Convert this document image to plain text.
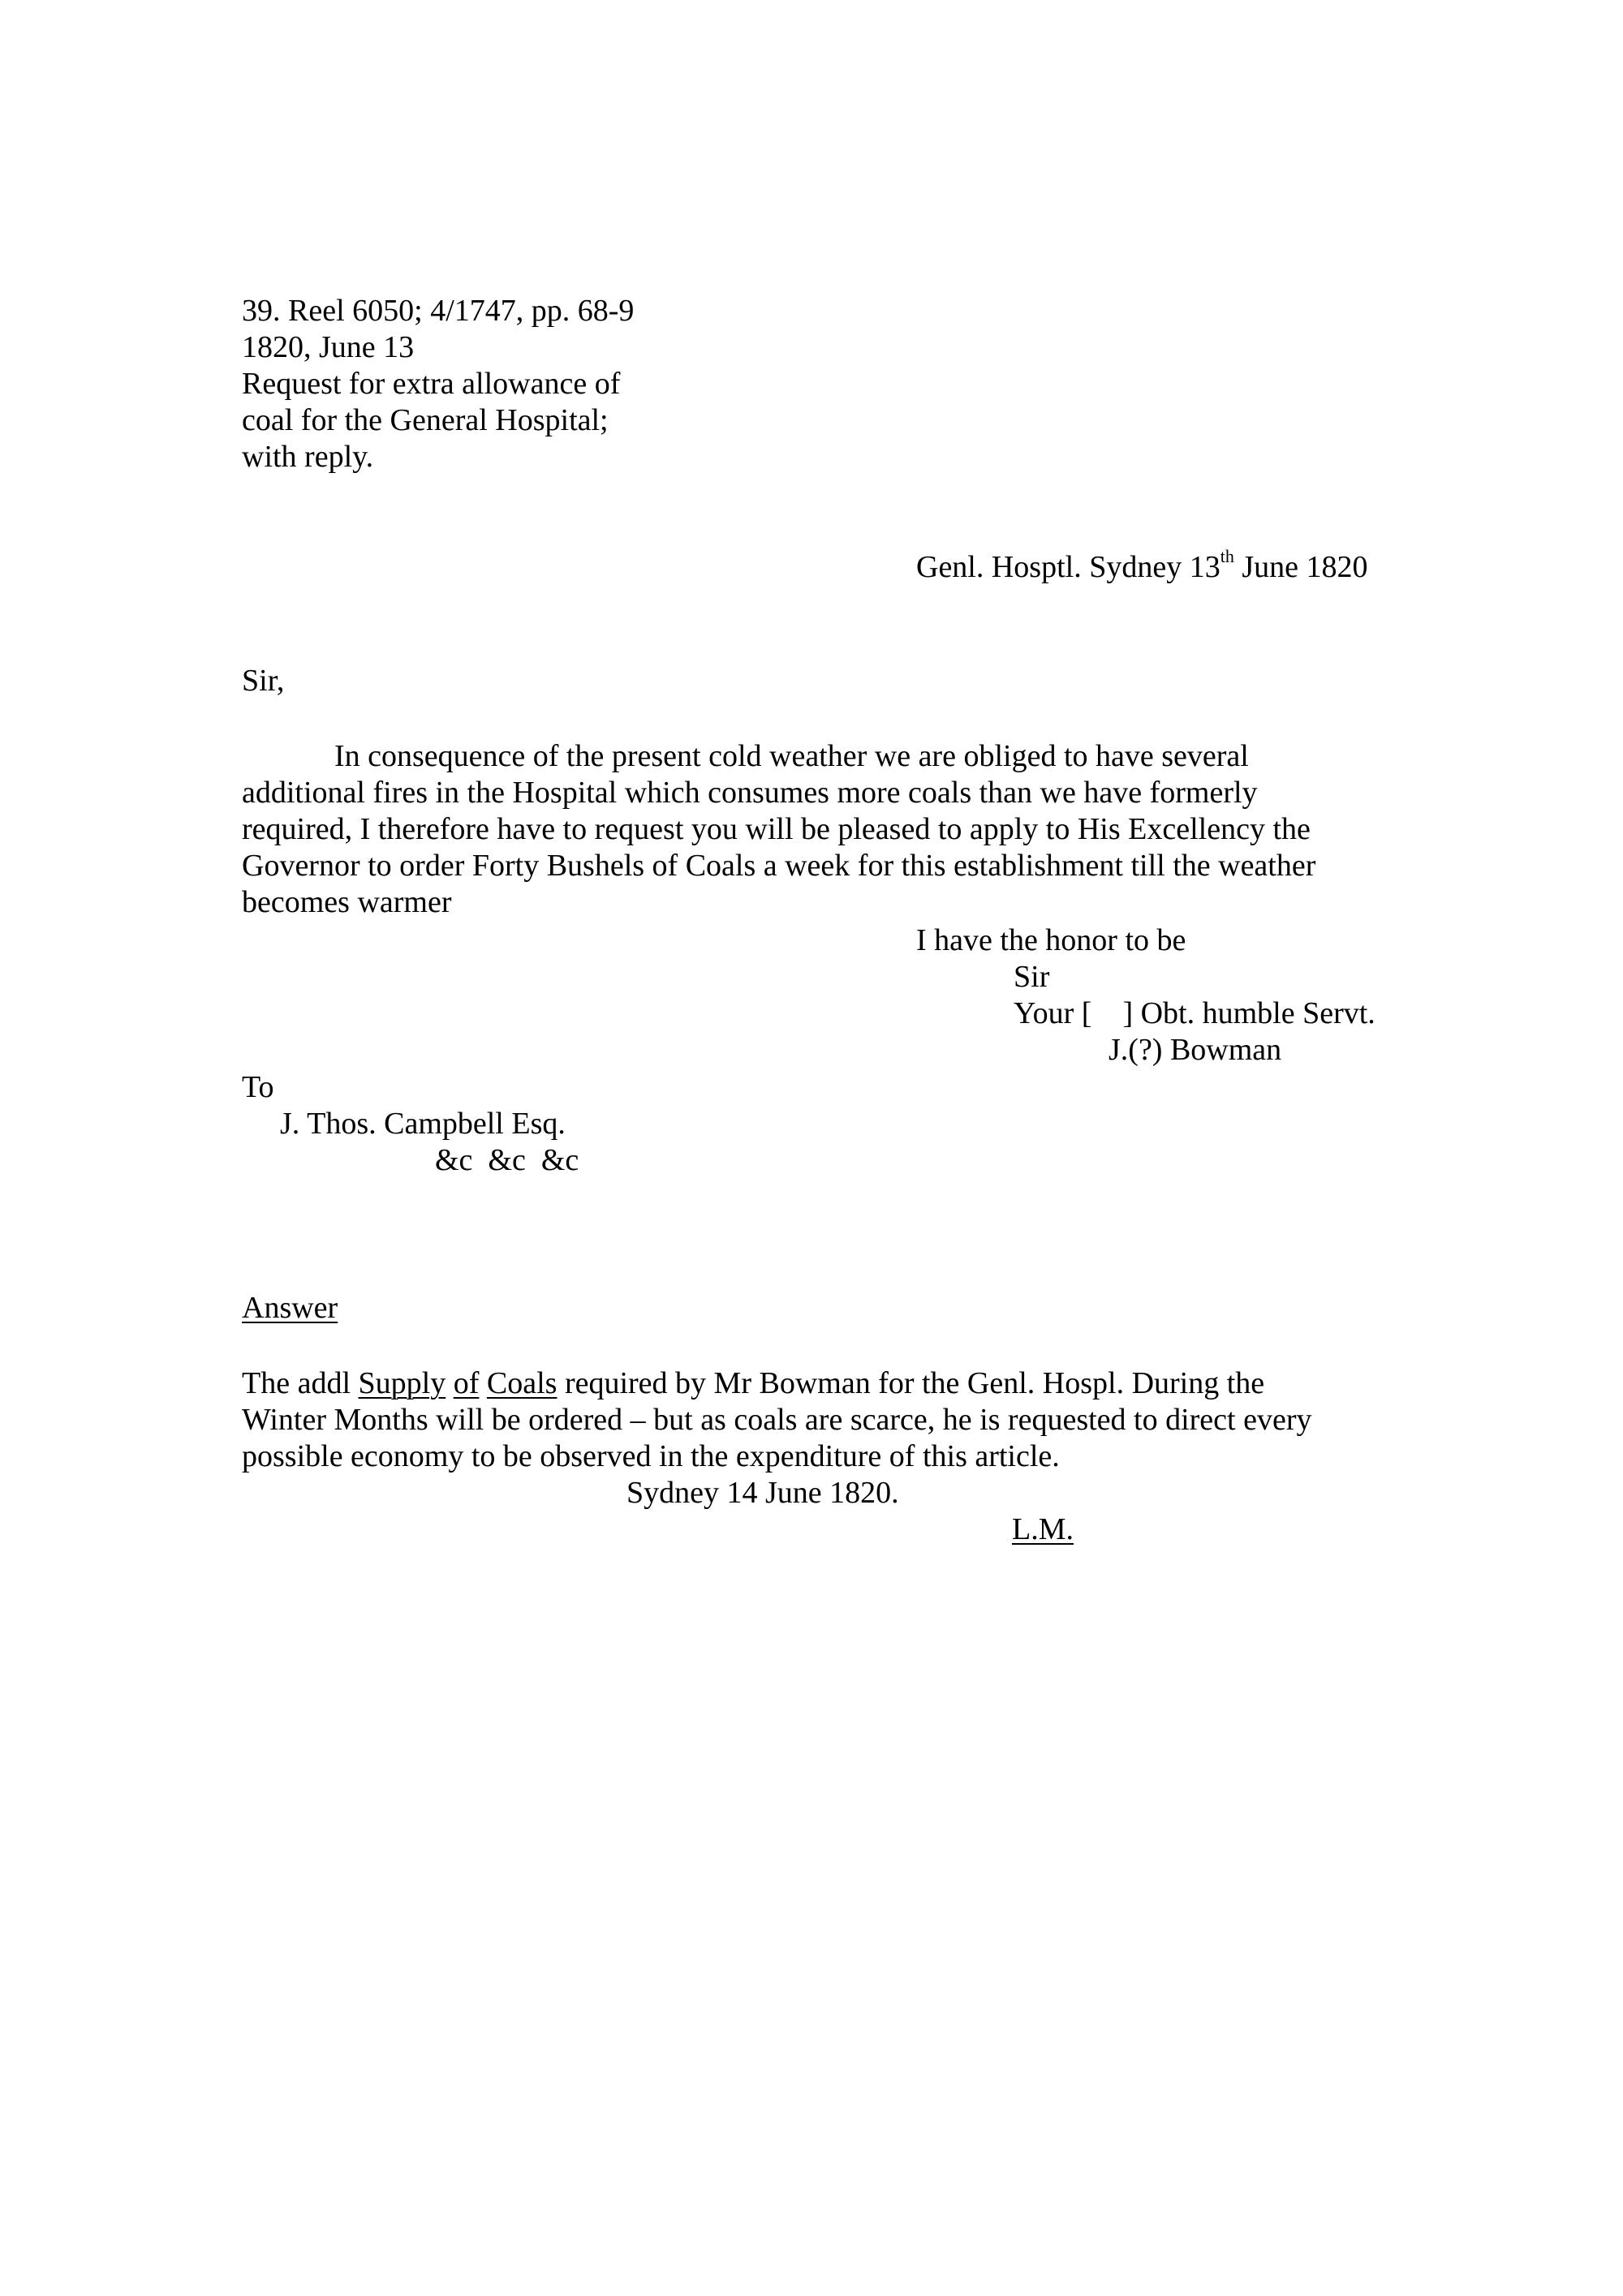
39. Reel 6050; 4/1747, pp. 68-9
1820, June 13
Request for extra allowance of
coal for the General Hospital;
with reply.
Genl. Hosptl. Sydney 13th June 1820
Sir,
In consequence of the present cold weather we are obliged to have several
additional fires in the Hospital which consumes more coals than we have formerly
required, I therefore have to request you will be pleased to apply to His Excellency the
Governor to order Forty Bushels of Coals a week for this establishment till the weather
becomes warmer
I have the honor to be
Sir
Your [    ] Obt. humble Servt.
J.(?) Bowman
To
J. Thos. Campbell Esq.
&c  &c  &c
Answer
The addl Supply of Coals required by Mr Bowman for the Genl. Hospl. During the
Winter Months will be ordered – but as coals are scarce, he is requested to direct every
possible economy to be observed in the expenditure of this article.
Sydney 14 June 1820.
L.M.
